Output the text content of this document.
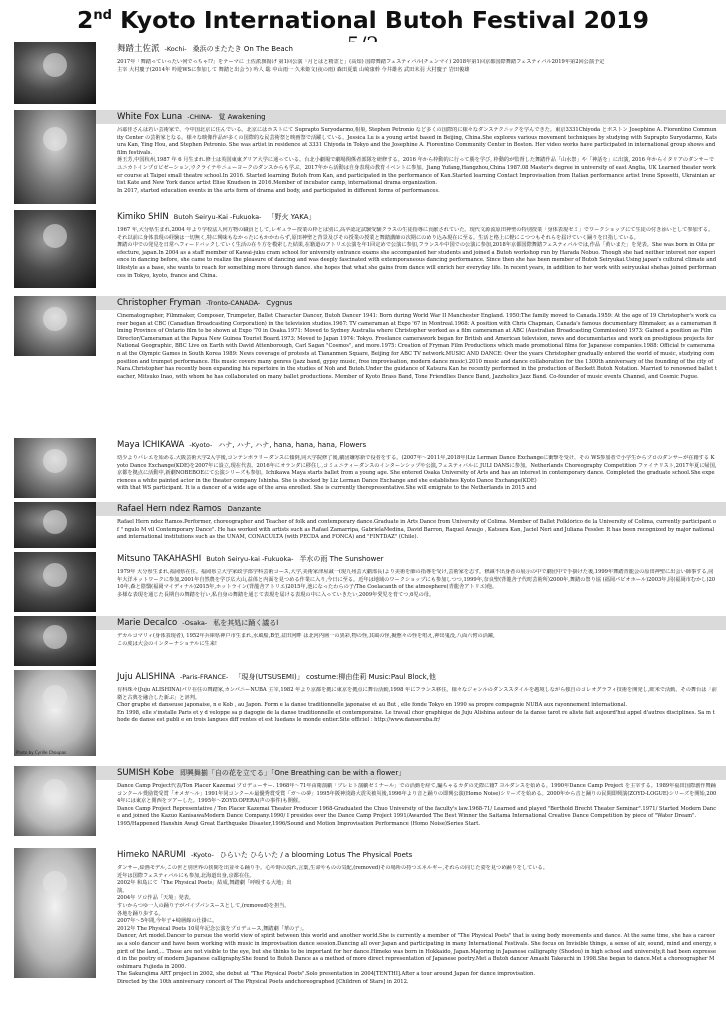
2nd Kyoto International Butoh Festival 2019
舞踏土佐派 -Kochi- 桑浜のまたたき On The Beach

2017年「舞踏っていったい何でっちゃ!?」をテーマに 土佐派旗揚げ 第1回公演「月とはと精霊と」(高知) 国際舞踏フェスティバル(チェンマイ) 2018年第1回京都国際舞踏フェスティバル2019年第2回公演予定

主宰 大村慶子(2014年 吟遊WSに参加して 舞踏と出会う) 吟人 聡 中山雨一 久米姫文(夜の雨) 森田夏葉 山崎康幹 今井雄名 武田未羽 大村慶子 岩田俊雄

White Fox Luna -CHINA- 覚 Awakening

呂耶佳さんは若い芸術家で、今中国北京に住んでいる。北京にはホストにて Suprapto Suryodarmo,相巣, Stephen Petronio など多くの国際的に様々なダンステクニックを学んできた。東京3331Chiyoda とボストン Josephine A. Fiorentino Community Center の芸術家となる。様々な映像作品が多くの国際的な民芸術祭と映画祭で活躍している。Jessica Lu is a young artist based in Beijing, China.She explores various movement techniques by studying with Suprapto Suryodarmo, Katsura Kan, Ying Hou, and Stephen Petronio. She was artist in residence at 3331 Chiyoda in Tokyo and the Josephine A. Fiorentino Community Center in Boston. Her video works have participated in international group shows and film festivals.

蒋玉芳,中国杭州,1987 年 6 月生まれ.修士は英国東東グリア大学に通っている。台北小劇場で劇場関係者部隊を研修する。2016 年から枠動的に行って勝を学び, 枠動的が監督した舞踏作品「山水祭」や「神話を」に出演, 2016 年からイタリアのダンサーでユニカトインプロビゼーション,ウクライナやニューヨークのダンスからも学ぶ。2017年から活動は自身表現の教育イベントに参加。Jiang Yufang,Hangzhou,China 1987.08 Master's degree in university of east Anglia, UK Learned theater worker course at Taipei small theatre school.In 2016. Started learning Butoh from Kan, and participated in the performance of Kan.Started learning Contact Improvisation from Italian performance artist Irene Sposetti, Ukrainian artist Kate and New York dance artist Elise Knudson in 2016.Member of incubator camp, international drama organization.

In 2017, started education events in the arts form of drama and body, and participated in different forms of performances.

Kimiko SHIN Butoh Seiryu-Kai -Fukuoka- 「野火 YAKA」

1967 年,大分県生まれ,2004 年より学校法人何方物の職員として,レギュラー授業の枠とは別に,高卒認定試験受験クラスの生徒指導に貢献されていた。現代文源流原田神聖の特別授業「身体表現ゼミ」でワークショップにて生徒の付き添いとして参加する。それ以前に身体表現の経験は一切無く,特に興味もなかったにもかかわらず,原田神聖と背景及びその授業の授業と舞踏講師の次期にのめり込み現在に至る。生活と格上に軽にこつつもそれらを届けていく踊りを日指している。

舞踏の中での発見を日常へフィードバックしていく生活の在り方を模索した結果,在籍道のアトリエ公演を年1回定めで公演に参加,フランスや中国での公演に参加,2018年京都国際舞踏フェスティバルでは,作品「黄いまた」を発表。She was born in Oita prefecture, japan.In 2004 as a staff member of Kawai-juku cram school for university entrance exams she accompanied her students and joined a Butoh workshop run by Harada Nobuo. Though she had neither interest nor experience in dancing before, she came to realize the pleasure of dancing and was deeply fascinated with extemporaneous dancing performance. Since then she has been member of Butoh Seiryukai.Using japan's cultural climate and lifestyle as a base, she wants to reach for something more through dance. she hopes that what she gains from dance will enrich her everyday life. In recent years, in addition to her work with seiryuukai shehas joined performances in Tokyo, kyoto, france and China.

Christopher Fryman -Tronto-CANADA- Cygnus

Cinematographer, Filmmaker, Composer, Trumpeter, Ballet Character Dancer, Butoh Dancer 1941: Born during World War II Manchester England. 1950:The family moved to Canada.1959: At the age of 19 Christopher's work career began at CBC (Canadian Broadcasting Corporation) in the television studios.1967: TV cameraman at Expo '67 in Montreal.1968: A position with Chris Chapman, Canada's famous documentary filmmaker, as a cameraman filming Province of Ontario film to be shown at Expo '70 in Osaka.1971: Moved to Sydney Australia where Christopher worked as a film cameraman at ABC (Australian Broadcasting Commission) 1973: Gained a position as Film Director/Cameraman at the Papua New Guinea Tourist Board.1973: Moved to Japan 1974: Tokyo. Freelance camerawork began for British and American television, news and documentaries and work on prestigious projects for National Geographic, BBC Live on Earth with David Attenborough, Carl Sagan "Cosmos", and more.1975: Creation of Fryman Film Productions which made promotional films for Japanese companies.1988: Official tv cameraman at the Olympic Games in South Korea 1989: News coverage of protests at Tiananmen Square, Beijing for ABC TV network.MUSIC AND DANCE: Over the years Christopher gradually entered the world of music, studying composition and trumpet performance. His music covers many genres (jazz band, gypsy music, free improvisation, modern dance music).2010 music and dance collaboration for the 1300th anniversary of the founding of the city of Nara.Christopher has recently been expanding his repertoire in the studies of Noh and Butoh.Under the guidance of Katsura Kan he recently performed in the production of Beckett Butoh Notation. Married to renowned ballet teacher, Mitsuko Inao, with whom he has collaborated on many ballet productions. Member of Kyoto Brass Band, Tone Friendlies Dance Band, Jazzholics Jazz Band. Co-founder of music events Channel, and Cosmic Fugue.

Maya ICHIKAWA -Kyoto- ハナ, ハナ, ハナ, hana, hana, hana, Flowers

幼少よりバレエを始める.大阪芸術大学2入学後,コンテンポラリーダンスに傾倒,同大学院修了後,劇団嫌寒新で役者をする。(2007年～2011年,2018年)Liz Lerman Dance Exchangeに衝撃を受け、その WS参加者で小学生からプロのダンサーが在籍する Kyoto Dance Exchange(KDE)を2007年に設立,現在代表。2016年にオランダに移住し,コミュニティーダンスのインターンシップや公演,フェスティバルに JULI DANSに参加。Netherlands Choreography Competition ファイナリスト,2017年夏に帰国,京都を拠点に活動中,新劇NOBEBOEにて公演シリーズも参加。Ichikawa Maya starts ballet from a young age. She entered Osaka University of Arts and has an interest in contemporary dance. Completed the graduate school.She experiences a white painted actor in the theater company Ishinha. She is shocked by Liz Lerman Dance Exchange and she establishes Kyoto Dance Exchange(KDE)

with that WS participant. It is a dancer of a wide age of the area enrolled. She is currently therepresentative.She will emigrate to the Netherlands in 2015 and

Rafael Hern ndez Ramos Danzante

Rafael Hern ndez Ramos.Performer, choreographer and Teacher of folk and contemporary dance.Graduate in Arts Dance from University of Colima. Member of Ballet Folklórico de la University of Colima, currently participant of " ngulo M vil Contemporary Dance". He has worked with artists such as Rafael Zamarripa, GabrielaMedina, David Barron, Raquel Araujo , Katsura Kan, Jaciel Neri and Juliana Fessler. It has been recognized by major national and international institutions such as the UNAM, CONACULTA (with PECDA and FONCA) and "FINTDAZ" (Chile).

Mitsuno TAKAHASHI Butoh Seiryu-kai -Fukuoka- 半水の雨 The Sunshower

1979年 大分県生まれ,福岡県在住。福岡県立大学家政学部学科芸術コース,大学,美術家津屋誠一(現九州芸大劇部長)より美術を師の指導を受け,芸術家を志す。修識不出身者の展示の中で劇団中で手掛けた後,1999年舞踏青龍会の原田神聖に出会い師事する,同年大洋ネットワークに参加,2001年自然農を学び広大山,益体と内面を見つめる作業に入り,今日に至る。近年は地域のワークショップにも参加しつつ,1999年,奈良聖(背龍舎子代町芸術所)2000年,舞踏の祭り協 (福岡パピオホール)2003年,同(福岡市むかし)2010年,森と陰翳(福岡マイディナル)2015年,ホットライン(背龍舎アトリエ)2015年,池になったわらの子/The Coelacanth of the atmosphere(青龍舎アトリエ)他。

多様な表現を通じた長期自の舞踏を行い,私自身の舞踏を通じて表現を届ける表現の中に入っていきたい,2009年愛児を育てつ,6児の母。

Marie Decalco -Osaka- 私を其処に踊く議るl

デカルコマリィ(身体表現者), 1952年兵庫県神戸市生まれ,水風船,B型,盆田河畔 は北河内層一の異彩,物の怪,其風の怪,擬態々の怪を唱え,神出鬼没,八面六臂の活躍,

この度は大会のインターナショナルに生来!

Photo by Cyrille Choupas
Juju ALISHINA -Paris-FRANCE- 「現身(UTSUSEMI)」 costume:柳由佳莉 Music:Paul Block,他

有科珠々(Juju ALISHINA)パリ在住の舞踏家,カンパニーNUBA 主宰,1982 年より京都を拠に東京を拠点に舞台活動,1998 年にフランス移住。様々なジャンルのダンススタイルを越境しながら独自のコレオグラフィ技術を開発し,欧米で活動。その舞台は「前衛と古典を融合した新ぶ」と評判。

Chor graphe et danseuse japonaise, n e Kob , au Japon. Form e la danse traditionnelle japonaise et au But , elle fonde Tokyo en 1990 sa propre compagnie NUBA aux rayonnement international.

En 1998, elle s'installe Paris et y d veloppe sa p dagogie de la danse traditionnelle et contemporaine. Le travail chor graphique de Juju Alishina autour de la danse tarot re aliste fait aujourd'hui appel d'autres disciplines. Sa m thode de danse est publi e en trois langues diff rentes et est luedans le monde entier.Site officiel : http://www.danseruba.fr/

SUMISH Kobe 即興舞揃「自の花を立てる」「One Breathing can be with a flower」

Dance Camp Project代表/Ton Placer Kazemai プロデューサー. 1968年～71年由衛演劇「プレヒト演劇ゼミナール」での活動を経て,騙ちゃるカダの先際に籍7 ヨルダンスを始める。1990年Dance Camp Project を主宰する。1989年福田国際創作舞踊コンクール奨励賞受賞「オメガ〜ル」1991年同コンクール最優秀賞受賞「ガ〜の夢」1995年阪神淡路大震災被災後,1996年より音と踊りの即興公演(Homo Noise)シリーズを始める。2000年から音と踊りの民間即興演(ZOYD-LOGUE)シリーズを開始,2004年には東京と関西をツアーした。1995年～ZOYD.OPERA(声の事件)も開催。

Dance Camp Project Representative / Ton Placer Kazemai Theater Producer 1968-Graduated the Chuo University of the faculty's law.1968-71/ Learned and played "Berthold Brecht Theater Seminar".1971/ Started Modern Dance and joined the Kazuo KanisawaModern Dance Company.1990/ I presides over the Dance Camp Project 1991/Awarded The Best Winner the Saitama International Creative Dance Competition by piece of "Water Dream".

1995/Happened Hanshin Awaji Great Earthquake Disaster,1996/Sound and Motion Improvisation Performance (Homo Noise)Series Start.

Himeko NARUMI -Kyoto- ひらいた ひらいた / a blooming Lotus The Physical Poets

ダンサー,絵画モデル,この世と別世界の狭間を出並せる踊り手。心や時の流れ,言葉,生命やものの気配,(removed)その場所の持つエネルギー,それらの同じた姿を見つめ踊りをしている。

近年は国際フェスティバルにも参加,北海道出身,京都在住。

2002年 和島にて「The Physical Poets」結成,舞踏劇「呼吸する大地」出

演。

2004年 ソロ作品「天境」発表。

すいからつゆ一人の踊り子がパイプバンスースとして,(removed)を担当。

各地を踊り歩する。

2007年～5年間,今年子+崎層線の仕掛に。

2012年 The Physical Poets 10周年記念公演をプロデュース,舞踏劇「華の子」。

Dancer, Art model.Dancer to pursue the world view of spirit between this world and another world.She is currently a member of "The Physical Poets" that is using body movements and dance. At the same time, she has a career as a solo dancer and have been working with music in improvisation dance session.Dancing all over Japan and participating in many International Festivals. She focus on Invisible things, a sense of air, sound, mind and energy, spirit of the land,... Those are not visible to the eye, but she thinks to be important for her dance.Himeko was born in Hokkaido, Japan.Majoring in Japanese calligraphy (Shodou) in high school and university,it had been expressed in the poetry of modern Japanese calligraphy.She found to Butoh Dance as a method of more direct representation of Japanese poetry.Met a Butoh dancer Amashi Takeuchi in 1998.She began to dance.Met a choreographer Moshimaru Fujieda in 2000.

The Sakurajima ART project in 2002, she debut at "The Physical Poets".Solo presentation in 2004[TENTHI].After a tour around Japan for dance improvisation.

Directed by the 10th anniversary concert of The Physical Poets andchoreographed [Children of Stars] in 2012.
